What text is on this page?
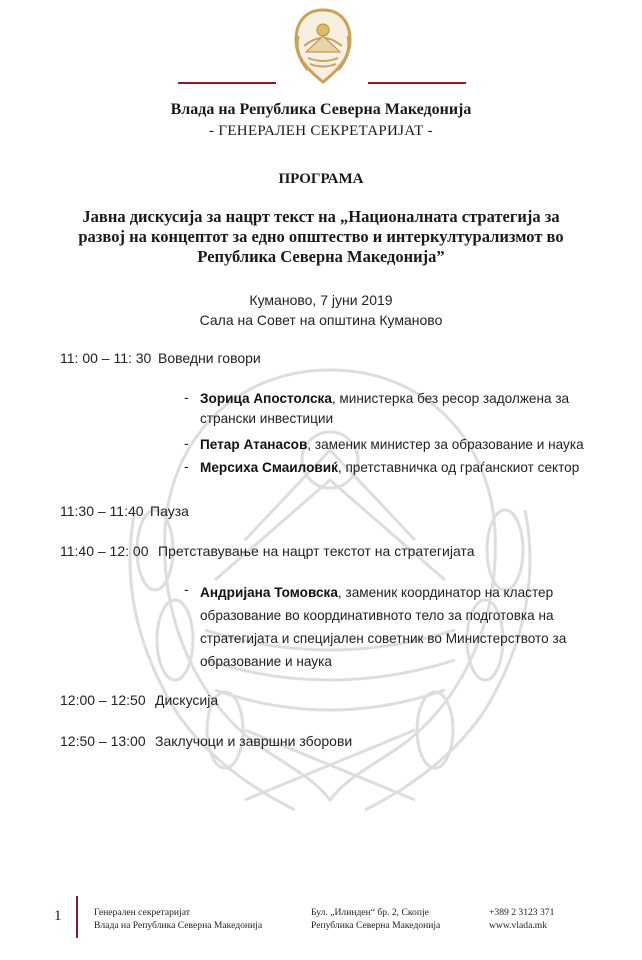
Влада на Република Северна Македонија
- ГЕНЕРАЛЕН СЕКРЕТАРИЈАТ -
ПРОГРАМА
Јавна дискусија за нацрт текст на „Националната стратегија за развој на концептот за едно општество и интеркултурализмот во Република Северна Македонија”
Куманово, 7 јуни 2019
Сала на Совет на општина Куманово
11: 00 – 11: 30 Воведни говори
- Зорица Апостолска, министерка без ресор задолжена за странски инвестиции
- Петар Атанасов, заменик министер за образование и наука
- Мерсиха Смаиловиќ, претставничка од граѓанскиот сектор
11:30 – 11:40 Пауза
11:40 – 12: 00 Претставување на нацрт текстот на стратегијата
- Андријана Томовска, заменик координатор на кластер образование во координативното тело за подготовка на стратегијата и специјален советник во Министерството за образование и наука
12:00 – 12:50 Дискусија
12:50 – 13:00 Заклучоци и завршни зборови
1	Генерален секретаријат
Влада на Република Северна Македонија
Бул. „Илинден“ бр. 2, Скопје
Република Северна Македонија
+389 2 3123 371
www.vlada.mk
